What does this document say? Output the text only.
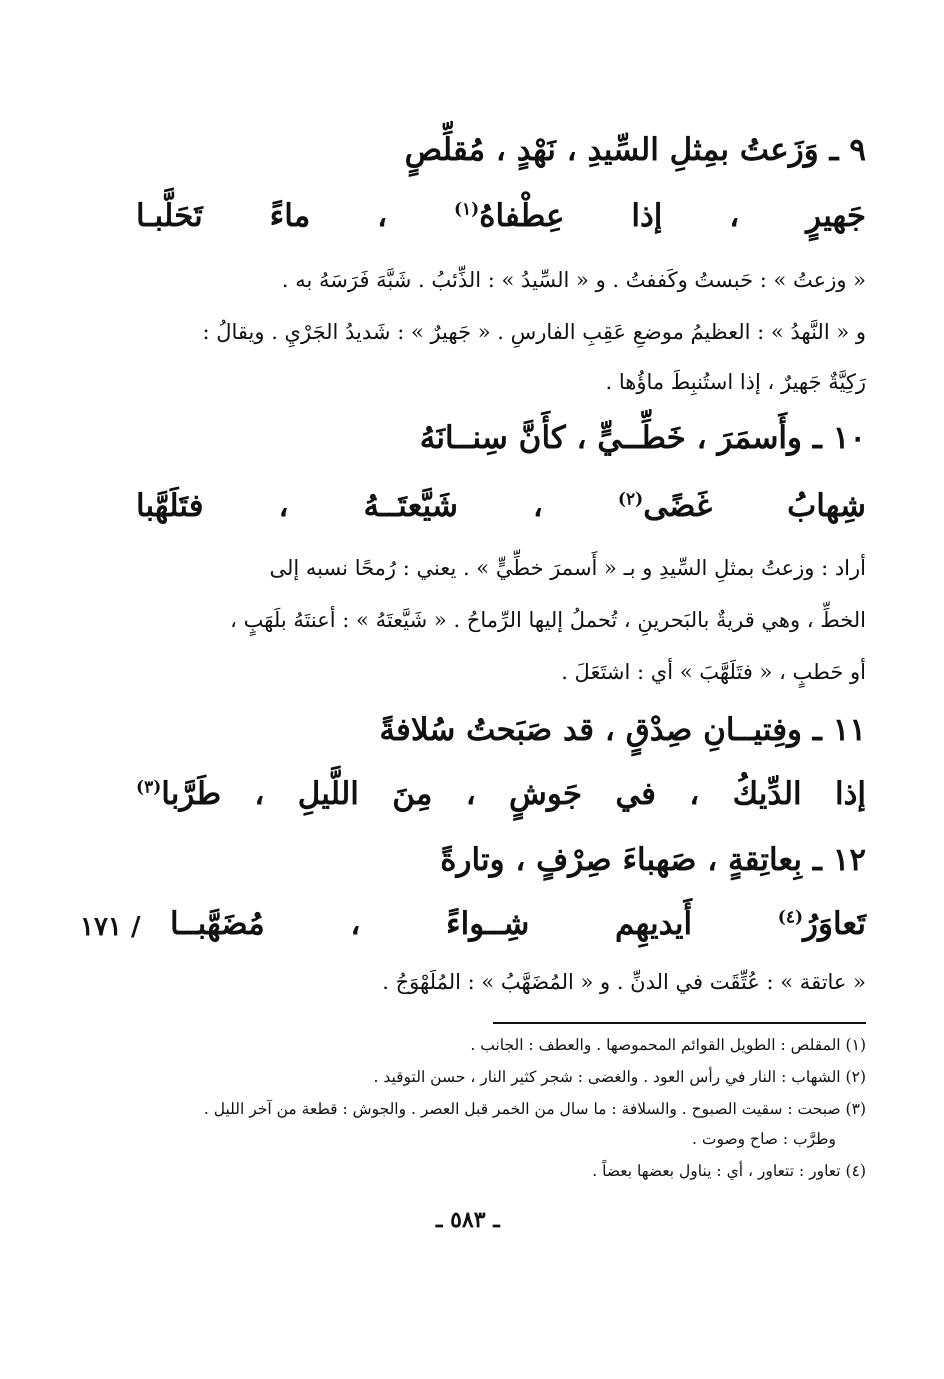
٩ ـ وَزَعتُ بمِثلِ السِّيدِ ، نَهْدٍ ، مُقلِّصٍ
جَهيرٍ ، إذا عِطْفاهُ$^{(١)}$ ، ماءً تَحَلَّبـا
« وزعتُ » : حَبستُ وكَففتُ . و « السِّيدُ » : الذِّئبُ . شَبَّهَ فَرَسَهُ به .
و « النَّهدُ » : العظيمُ موضعِ عَقِبِ الفارسِ . « جَهيرٌ » : شَديدُ الجَرْيِ . ويقالُ :
رَكِيَّةٌ جَهيرٌ ، إذا استُنبِطَ ماؤُها .
١٠ ـ وأَسمَرَ ، خَطِّــيٍّ ، كأَنَّ سِنــانَهُ
شِهابُ غَضًى$^{(٢)}$ ، شَيَّعتَــهُ ، فتَلَهَّبا
أراد : وزعتُ بمثلِ السِّيدِ و بـ « أَسمرَ خطِّيٍّ » . يعني : رُمحًا نسبه إلى
الخطِّ ، وهي قريةٌ بالبَحرينِ ، تُحملُ إليها الرِّماحُ . « شَيَّعتَهُ » : أعنتَهُ بلَهَبٍ ،
أو حَطبٍ ، « فتَلَهَّبَ » أي : اشتَعَلَ .
١١ ـ وفِتيــانِ صِدْقٍ ، قد صَبَحتُ سُلافةً
إذا الدِّيكُ ، في جَوشٍ ، مِنَ اللَّيلِ ، طَرَّبا$^{(٣)}$
١٢ ـ بِعاتِقةٍ ، صَهباءَ صِرْفٍ ، وتارةً
تَعاوَرُ$^{(٤)}$ أَيديهِم شِــواءً ، مُضَهَّبــا
١٧١ /
« عاتقة » : عُتِّقَت في الدنِّ . و « المُضَهَّبُ » : المُلَهْوَجُ .
(١) المقلص : الطويل القوائم المحموصها . والعطف : الجانب .
(٢) الشهاب : النار في رأس العود . والغضى : شجر كثير النار ، حسن التوقيد .
(٣) صبحت : سقيت الصبوح . والسلافة : ما سال من الخمر قبل العصر . والجوش : قطعة من آخر الليل .
وطرَّب : صاح وصوت .
(٤) تعاور : تتعاور ، أي : يناول بعضها بعضاً .
ـ ٥٨٣ ـ
